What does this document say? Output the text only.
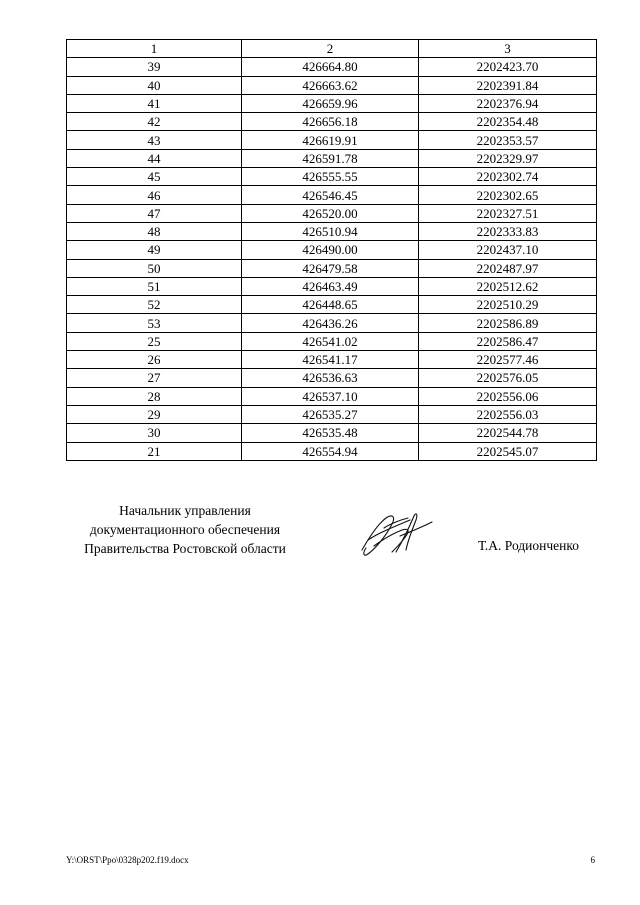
1	2	3
39	426664.80	2202423.70
40	426663.62	2202391.84
41	426659.96	2202376.94
42	426656.18	2202354.48
43	426619.91	2202353.57
44	426591.78	2202329.97
45	426555.55	2202302.74
46	426546.45	2202302.65
47	426520.00	2202327.51
48	426510.94	2202333.83
49	426490.00	2202437.10
50	426479.58	2202487.97
51	426463.49	2202512.62
52	426448.65	2202510.29
53	426436.26	2202586.89
25	426541.02	2202586.47
26	426541.17	2202577.46
27	426536.63	2202576.05
28	426537.10	2202556.06
29	426535.27	2202556.03
30	426535.48	2202544.78
21	426554.94	2202545.07
Начальник управления
документационного обеспечения
Правительства Ростовской области	Т.А. Родионченко
Y:\ORST\Ppo\0328p202.f19.docx	6
